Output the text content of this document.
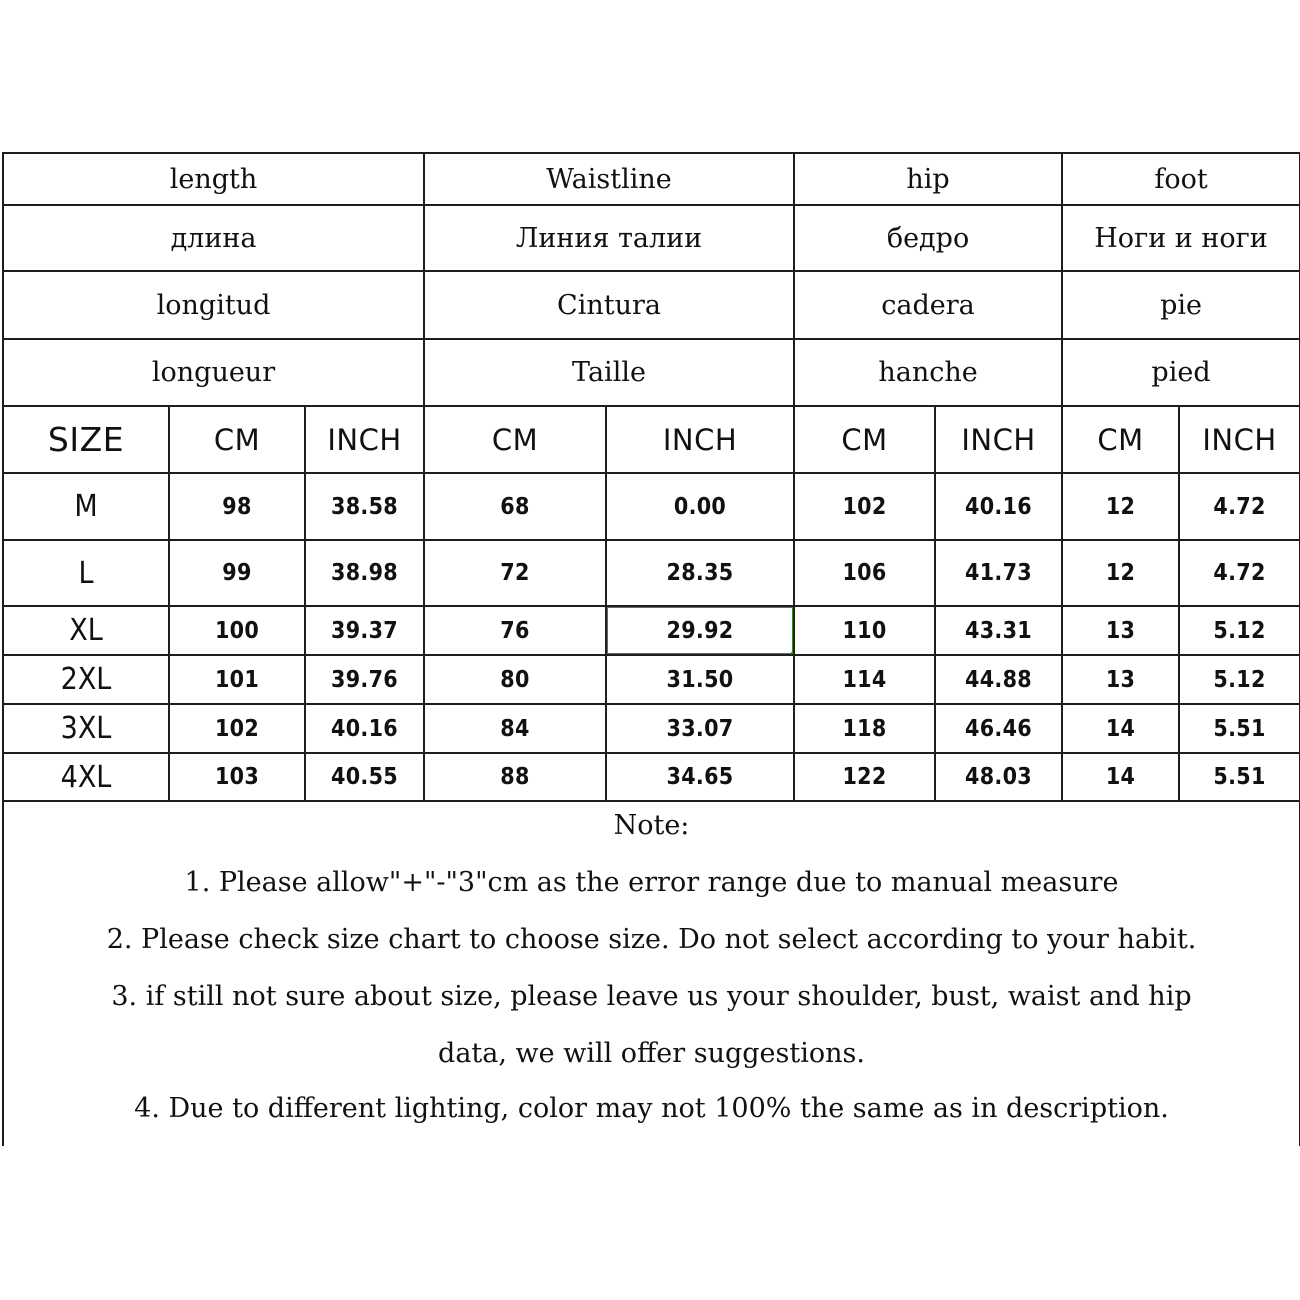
length			Waistline		hip		foot	
длина			Линия талии		бедро		Ноги и ноги	
longitud			Cintura		cadera		pie	
longueur			Taille		hanche		pied	
SIZE	CM	INCH	CM	INCH	CM	INCH	CM	INCH
M	98	38.58	68	0.00	102	40.16	12	4.72
L	99	38.98	72	28.35	106	41.73	12	4.72
XL	100	39.37	76	29.92	110	43.31	13	5.12
2XL	101	39.76	80	31.50	114	44.88	13	5.12
3XL	102	40.16	84	33.07	118	46.46	14	5.51
4XL	103	40.55	88	34.65	122	48.03	14	5.51
Note:
1. Please allow"+"-"3"cm as the error range due to manual measure
2. Please check size chart to choose size. Do not select according to your habit.
3. if still not sure about size, please leave us your shoulder, bust, waist and hip
data, we will offer suggestions.
4. Due to different lighting, color may not 100% the same as in description.
